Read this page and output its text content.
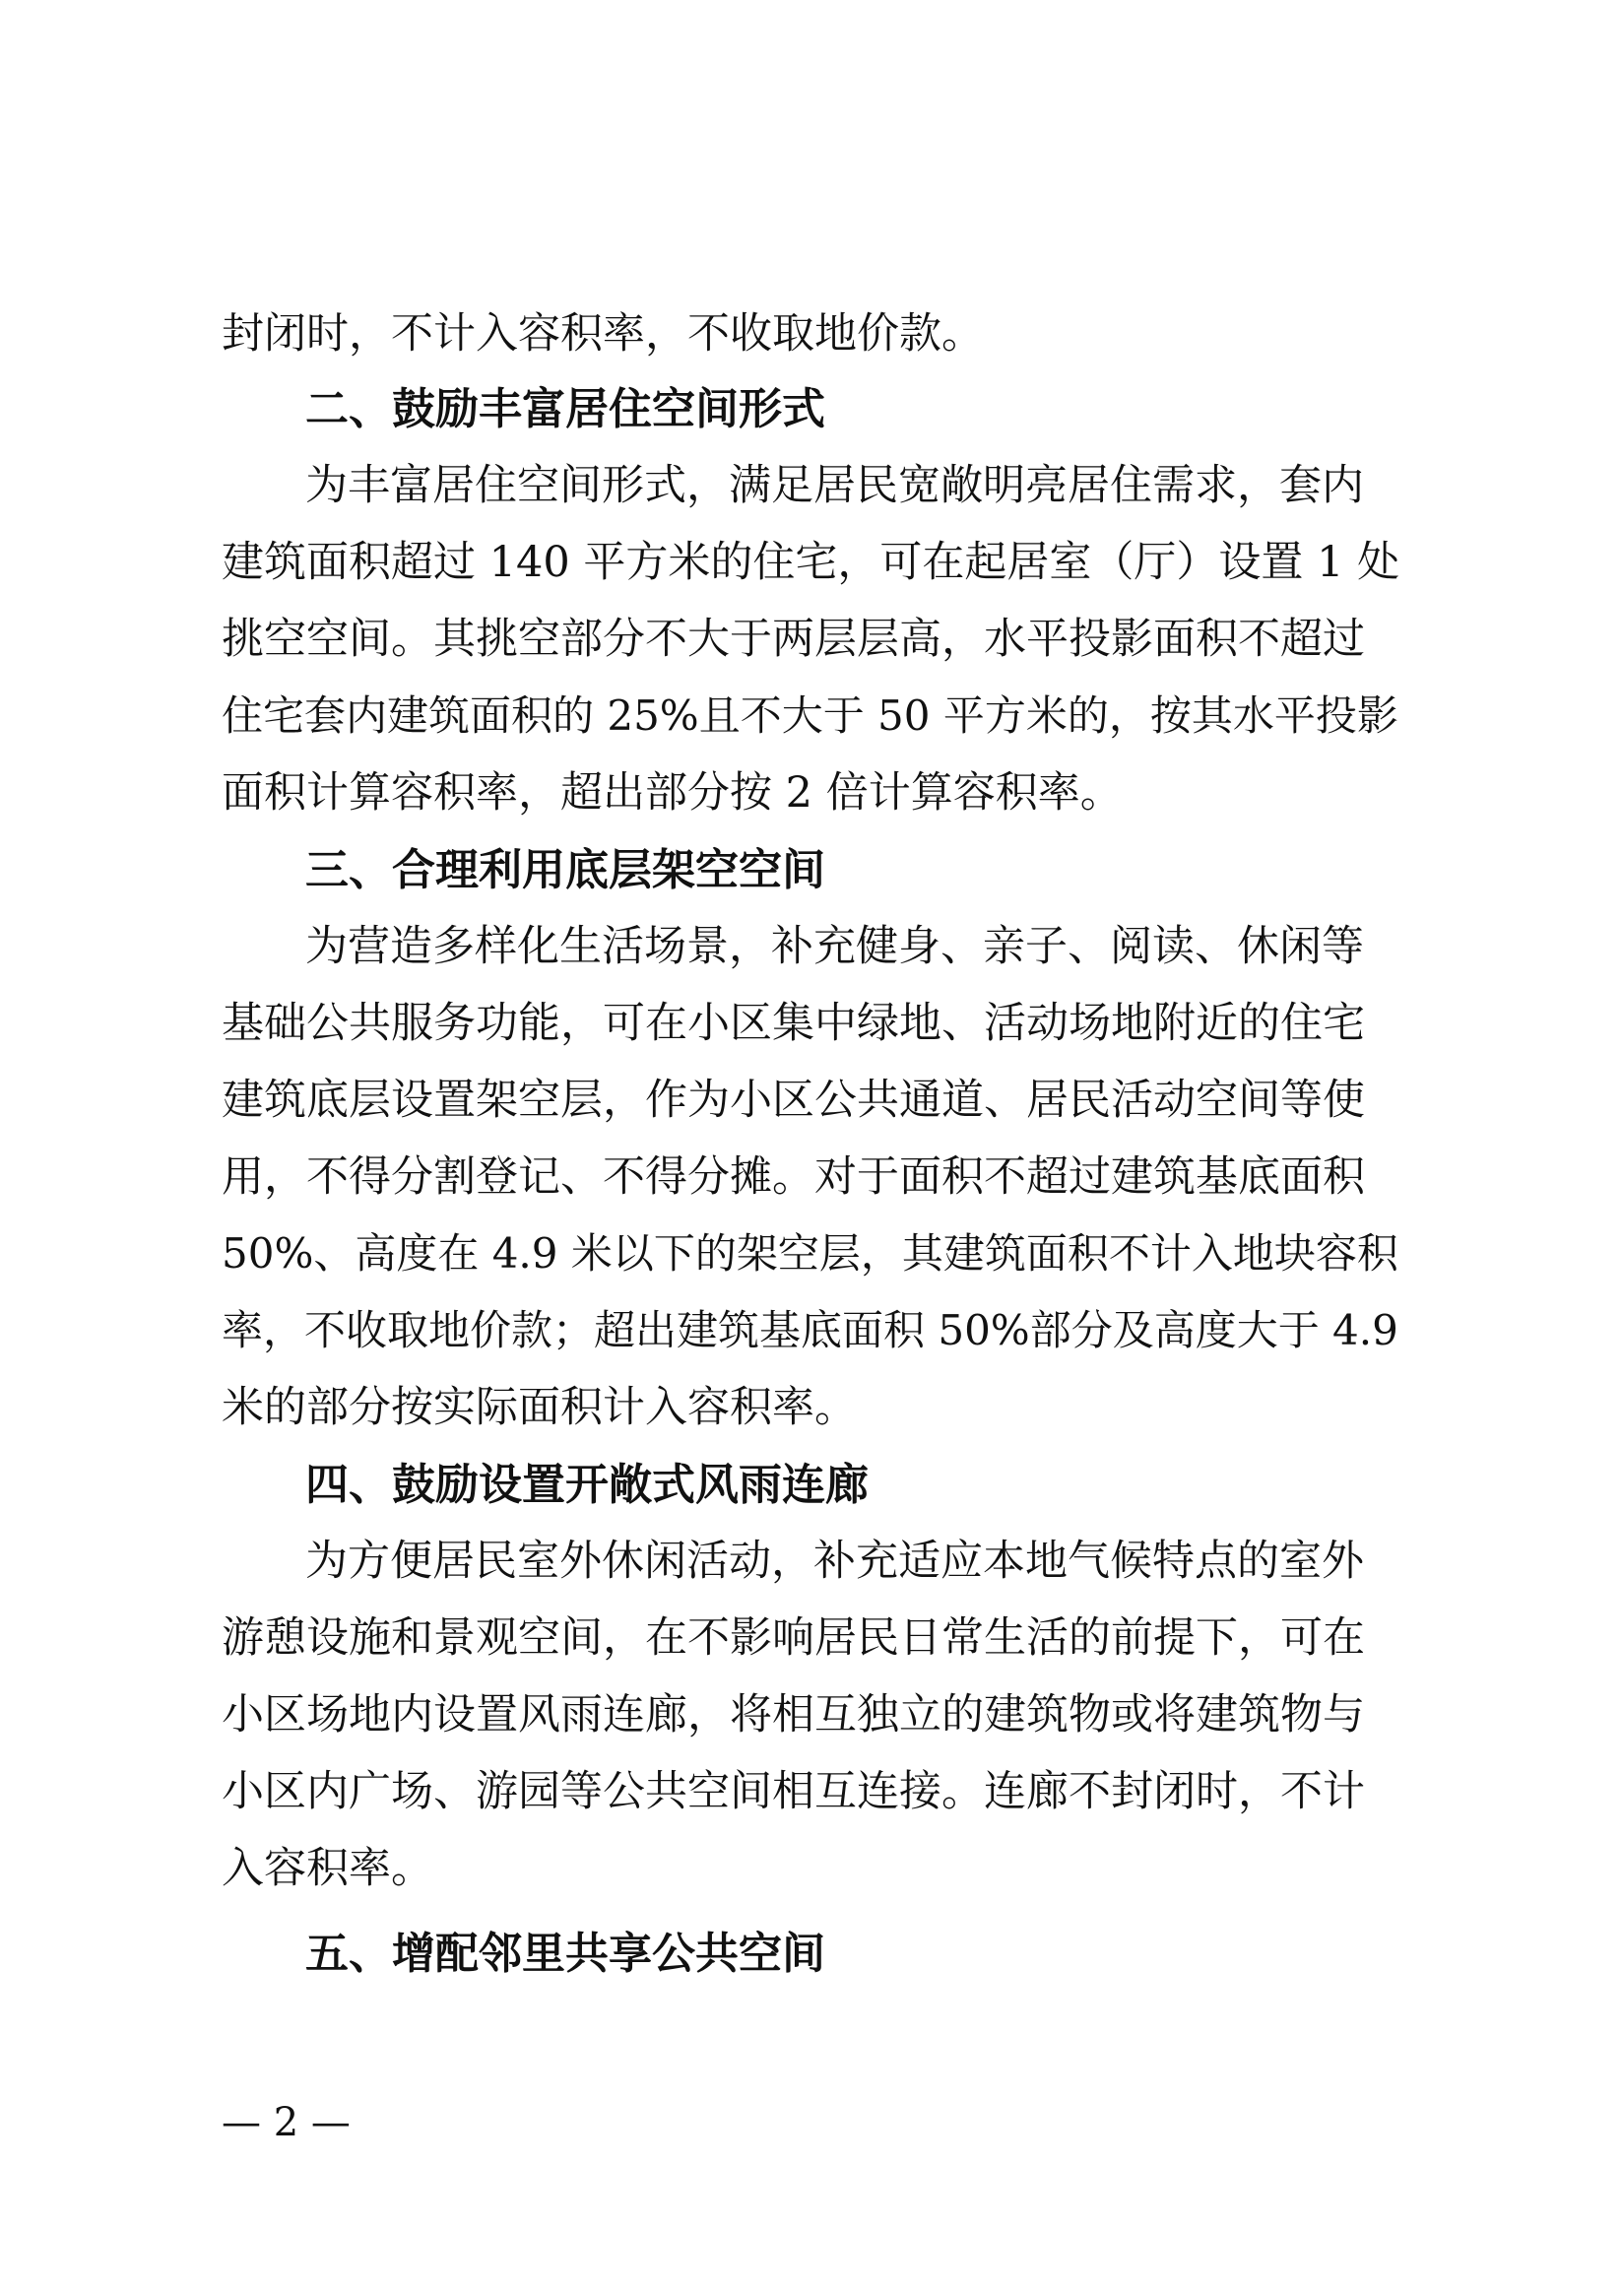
封闭时，不计入容积率，不收取地价款。
二、鼓励丰富居住空间形式
为丰富居住空间形式，满足居民宽敞明亮居住需求，套内
建筑面积超过 140 平方米的住宅，可在起居室（厅）设置 1 处
挑空空间。其挑空部分不大于两层层高，水平投影面积不超过
住宅套内建筑面积的 25%且不大于 50 平方米的，按其水平投影
面积计算容积率，超出部分按 2 倍计算容积率。
三、合理利用底层架空空间
为营造多样化生活场景，补充健身、亲子、阅读、休闲等
基础公共服务功能，可在小区集中绿地、活动场地附近的住宅
建筑底层设置架空层，作为小区公共通道、居民活动空间等使
用，不得分割登记、不得分摊。对于面积不超过建筑基底面积
50%、高度在 4.9 米以下的架空层，其建筑面积不计入地块容积
率，不收取地价款；超出建筑基底面积 50%部分及高度大于 4.9
米的部分按实际面积计入容积率。
四、鼓励设置开敞式风雨连廊
为方便居民室外休闲活动，补充适应本地气候特点的室外
游憩设施和景观空间，在不影响居民日常生活的前提下，可在
小区场地内设置风雨连廊，将相互独立的建筑物或将建筑物与
小区内广场、游园等公共空间相互连接。连廊不封闭时，不计
入容积率。
五、增配邻里共享公共空间
— 2 —
